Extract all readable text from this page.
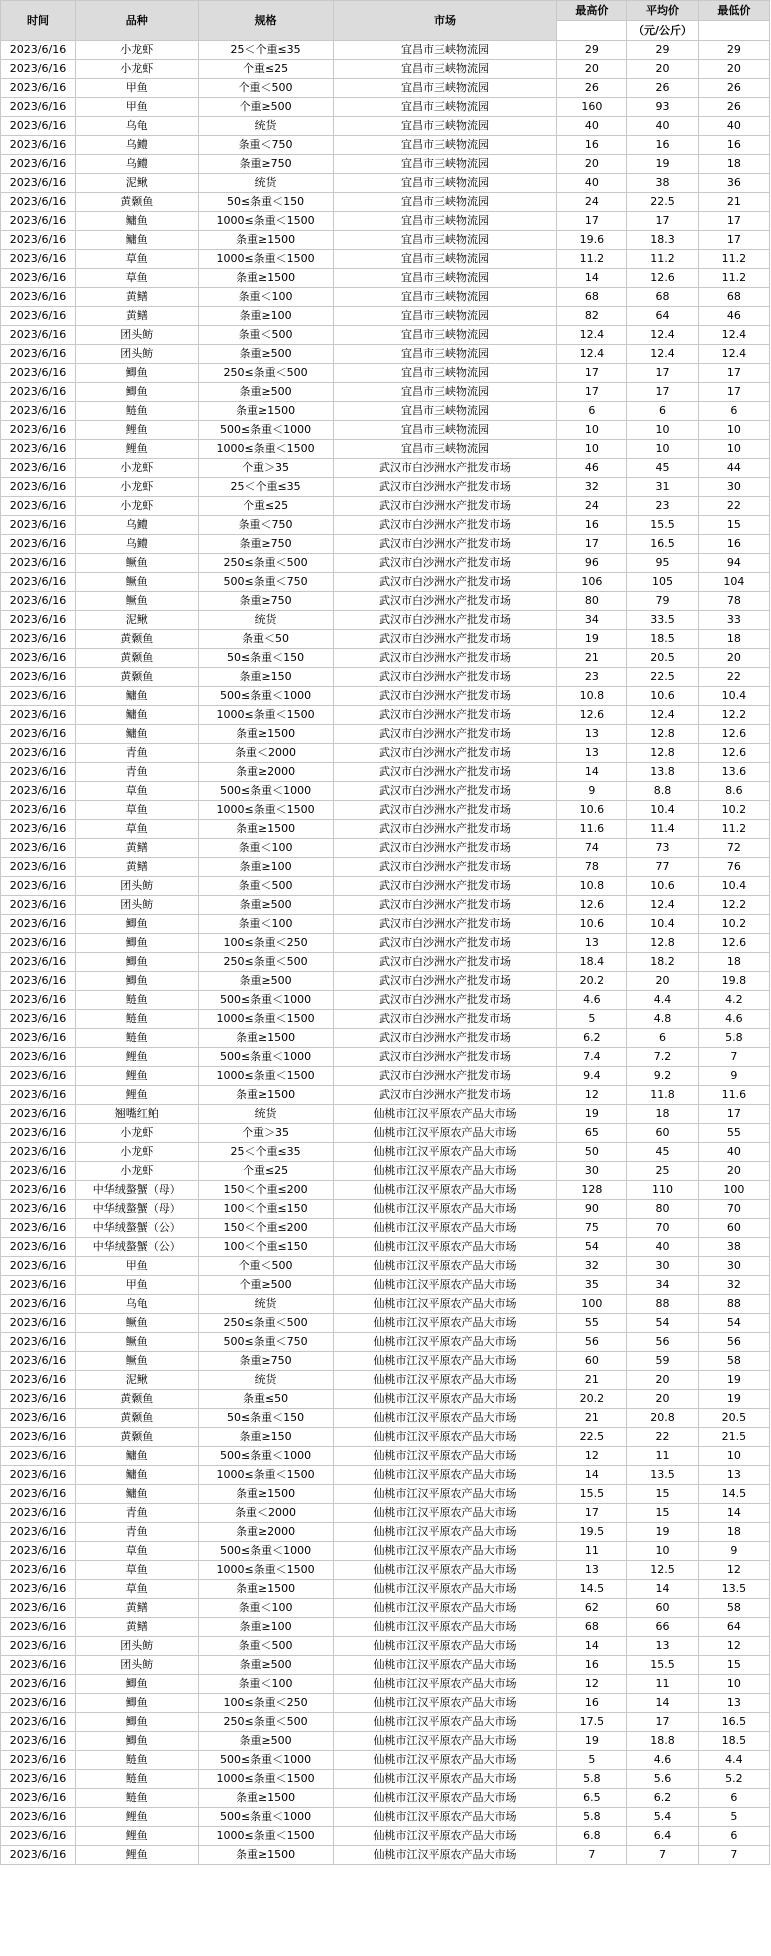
时间	品种	规格	市场	最高价	平均价	最低价
					（元/公斤）	
2023/6/16	小龙虾	25＜个重≤35	宜昌市三峡物流园	29	29	29
2023/6/16	小龙虾	个重≤25	宜昌市三峡物流园	20	20	20
2023/6/16	甲鱼	个重＜500	宜昌市三峡物流园	26	26	26
2023/6/16	甲鱼	个重≥500	宜昌市三峡物流园	160	93	26
2023/6/16	乌龟	统货	宜昌市三峡物流园	40	40	40
2023/6/16	乌鳢	条重＜750	宜昌市三峡物流园	16	16	16
2023/6/16	乌鳢	条重≥750	宜昌市三峡物流园	20	19	18
2023/6/16	泥鳅	统货	宜昌市三峡物流园	40	38	36
2023/6/16	黄颡鱼	50≤条重＜150	宜昌市三峡物流园	24	22.5	21
2023/6/16	鳙鱼	1000≤条重＜1500	宜昌市三峡物流园	17	17	17
2023/6/16	鳙鱼	条重≥1500	宜昌市三峡物流园	19.6	18.3	17
2023/6/16	草鱼	1000≤条重＜1500	宜昌市三峡物流园	11.2	11.2	11.2
2023/6/16	草鱼	条重≥1500	宜昌市三峡物流园	14	12.6	11.2
2023/6/16	黄鳝	条重＜100	宜昌市三峡物流园	68	68	68
2023/6/16	黄鳝	条重≥100	宜昌市三峡物流园	82	64	46
2023/6/16	团头鲂	条重＜500	宜昌市三峡物流园	12.4	12.4	12.4
2023/6/16	团头鲂	条重≥500	宜昌市三峡物流园	12.4	12.4	12.4
2023/6/16	鲫鱼	250≤条重＜500	宜昌市三峡物流园	17	17	17
2023/6/16	鲫鱼	条重≥500	宜昌市三峡物流园	17	17	17
2023/6/16	鲢鱼	条重≥1500	宜昌市三峡物流园	6	6	6
2023/6/16	鲤鱼	500≤条重＜1000	宜昌市三峡物流园	10	10	10
2023/6/16	鲤鱼	1000≤条重＜1500	宜昌市三峡物流园	10	10	10
2023/6/16	小龙虾	个重＞35	武汉市白沙洲水产批发市场	46	45	44
2023/6/16	小龙虾	25＜个重≤35	武汉市白沙洲水产批发市场	32	31	30
2023/6/16	小龙虾	个重≤25	武汉市白沙洲水产批发市场	24	23	22
2023/6/16	乌鳢	条重＜750	武汉市白沙洲水产批发市场	16	15.5	15
2023/6/16	乌鳢	条重≥750	武汉市白沙洲水产批发市场	17	16.5	16
2023/6/16	鳜鱼	250≤条重＜500	武汉市白沙洲水产批发市场	96	95	94
2023/6/16	鳜鱼	500≤条重＜750	武汉市白沙洲水产批发市场	106	105	104
2023/6/16	鳜鱼	条重≥750	武汉市白沙洲水产批发市场	80	79	78
2023/6/16	泥鳅	统货	武汉市白沙洲水产批发市场	34	33.5	33
2023/6/16	黄颡鱼	条重＜50	武汉市白沙洲水产批发市场	19	18.5	18
2023/6/16	黄颡鱼	50≤条重＜150	武汉市白沙洲水产批发市场	21	20.5	20
2023/6/16	黄颡鱼	条重≥150	武汉市白沙洲水产批发市场	23	22.5	22
2023/6/16	鳙鱼	500≤条重＜1000	武汉市白沙洲水产批发市场	10.8	10.6	10.4
2023/6/16	鳙鱼	1000≤条重＜1500	武汉市白沙洲水产批发市场	12.6	12.4	12.2
2023/6/16	鳙鱼	条重≥1500	武汉市白沙洲水产批发市场	13	12.8	12.6
2023/6/16	青鱼	条重＜2000	武汉市白沙洲水产批发市场	13	12.8	12.6
2023/6/16	青鱼	条重≥2000	武汉市白沙洲水产批发市场	14	13.8	13.6
2023/6/16	草鱼	500≤条重＜1000	武汉市白沙洲水产批发市场	9	8.8	8.6
2023/6/16	草鱼	1000≤条重＜1500	武汉市白沙洲水产批发市场	10.6	10.4	10.2
2023/6/16	草鱼	条重≥1500	武汉市白沙洲水产批发市场	11.6	11.4	11.2
2023/6/16	黄鳝	条重＜100	武汉市白沙洲水产批发市场	74	73	72
2023/6/16	黄鳝	条重≥100	武汉市白沙洲水产批发市场	78	77	76
2023/6/16	团头鲂	条重＜500	武汉市白沙洲水产批发市场	10.8	10.6	10.4
2023/6/16	团头鲂	条重≥500	武汉市白沙洲水产批发市场	12.6	12.4	12.2
2023/6/16	鲫鱼	条重＜100	武汉市白沙洲水产批发市场	10.6	10.4	10.2
2023/6/16	鲫鱼	100≤条重＜250	武汉市白沙洲水产批发市场	13	12.8	12.6
2023/6/16	鲫鱼	250≤条重＜500	武汉市白沙洲水产批发市场	18.4	18.2	18
2023/6/16	鲫鱼	条重≥500	武汉市白沙洲水产批发市场	20.2	20	19.8
2023/6/16	鲢鱼	500≤条重＜1000	武汉市白沙洲水产批发市场	4.6	4.4	4.2
2023/6/16	鲢鱼	1000≤条重＜1500	武汉市白沙洲水产批发市场	5	4.8	4.6
2023/6/16	鲢鱼	条重≥1500	武汉市白沙洲水产批发市场	6.2	6	5.8
2023/6/16	鲤鱼	500≤条重＜1000	武汉市白沙洲水产批发市场	7.4	7.2	7
2023/6/16	鲤鱼	1000≤条重＜1500	武汉市白沙洲水产批发市场	9.4	9.2	9
2023/6/16	鲤鱼	条重≥1500	武汉市白沙洲水产批发市场	12	11.8	11.6
2023/6/16	翘嘴红鲌	统货	仙桃市江汉平原农产品大市场	19	18	17
2023/6/16	小龙虾	个重＞35	仙桃市江汉平原农产品大市场	65	60	55
2023/6/16	小龙虾	25＜个重≤35	仙桃市江汉平原农产品大市场	50	45	40
2023/6/16	小龙虾	个重≤25	仙桃市江汉平原农产品大市场	30	25	20
2023/6/16	中华绒螯蟹（母）	150＜个重≤200	仙桃市江汉平原农产品大市场	128	110	100
2023/6/16	中华绒螯蟹（母）	100＜个重≤150	仙桃市江汉平原农产品大市场	90	80	70
2023/6/16	中华绒螯蟹（公）	150＜个重≤200	仙桃市江汉平原农产品大市场	75	70	60
2023/6/16	中华绒螯蟹（公）	100＜个重≤150	仙桃市江汉平原农产品大市场	54	40	38
2023/6/16	甲鱼	个重＜500	仙桃市江汉平原农产品大市场	32	30	30
2023/6/16	甲鱼	个重≥500	仙桃市江汉平原农产品大市场	35	34	32
2023/6/16	乌龟	统货	仙桃市江汉平原农产品大市场	100	88	88
2023/6/16	鳜鱼	250≤条重＜500	仙桃市江汉平原农产品大市场	55	54	54
2023/6/16	鳜鱼	500≤条重＜750	仙桃市江汉平原农产品大市场	56	56	56
2023/6/16	鳜鱼	条重≥750	仙桃市江汉平原农产品大市场	60	59	58
2023/6/16	泥鳅	统货	仙桃市江汉平原农产品大市场	21	20	19
2023/6/16	黄颡鱼	条重≤50	仙桃市江汉平原农产品大市场	20.2	20	19
2023/6/16	黄颡鱼	50≤条重＜150	仙桃市江汉平原农产品大市场	21	20.8	20.5
2023/6/16	黄颡鱼	条重≥150	仙桃市江汉平原农产品大市场	22.5	22	21.5
2023/6/16	鳙鱼	500≤条重＜1000	仙桃市江汉平原农产品大市场	12	11	10
2023/6/16	鳙鱼	1000≤条重＜1500	仙桃市江汉平原农产品大市场	14	13.5	13
2023/6/16	鳙鱼	条重≥1500	仙桃市江汉平原农产品大市场	15.5	15	14.5
2023/6/16	青鱼	条重＜2000	仙桃市江汉平原农产品大市场	17	15	14
2023/6/16	青鱼	条重≥2000	仙桃市江汉平原农产品大市场	19.5	19	18
2023/6/16	草鱼	500≤条重＜1000	仙桃市江汉平原农产品大市场	11	10	9
2023/6/16	草鱼	1000≤条重＜1500	仙桃市江汉平原农产品大市场	13	12.5	12
2023/6/16	草鱼	条重≥1500	仙桃市江汉平原农产品大市场	14.5	14	13.5
2023/6/16	黄鳝	条重＜100	仙桃市江汉平原农产品大市场	62	60	58
2023/6/16	黄鳝	条重≥100	仙桃市江汉平原农产品大市场	68	66	64
2023/6/16	团头鲂	条重＜500	仙桃市江汉平原农产品大市场	14	13	12
2023/6/16	团头鲂	条重≥500	仙桃市江汉平原农产品大市场	16	15.5	15
2023/6/16	鲫鱼	条重＜100	仙桃市江汉平原农产品大市场	12	11	10
2023/6/16	鲫鱼	100≤条重＜250	仙桃市江汉平原农产品大市场	16	14	13
2023/6/16	鲫鱼	250≤条重＜500	仙桃市江汉平原农产品大市场	17.5	17	16.5
2023/6/16	鲫鱼	条重≥500	仙桃市江汉平原农产品大市场	19	18.8	18.5
2023/6/16	鲢鱼	500≤条重＜1000	仙桃市江汉平原农产品大市场	5	4.6	4.4
2023/6/16	鲢鱼	1000≤条重＜1500	仙桃市江汉平原农产品大市场	5.8	5.6	5.2
2023/6/16	鲢鱼	条重≥1500	仙桃市江汉平原农产品大市场	6.5	6.2	6
2023/6/16	鲤鱼	500≤条重＜1000	仙桃市江汉平原农产品大市场	5.8	5.4	5
2023/6/16	鲤鱼	1000≤条重＜1500	仙桃市江汉平原农产品大市场	6.8	6.4	6
2023/6/16	鲤鱼	条重≥1500	仙桃市江汉平原农产品大市场	7	7	7
